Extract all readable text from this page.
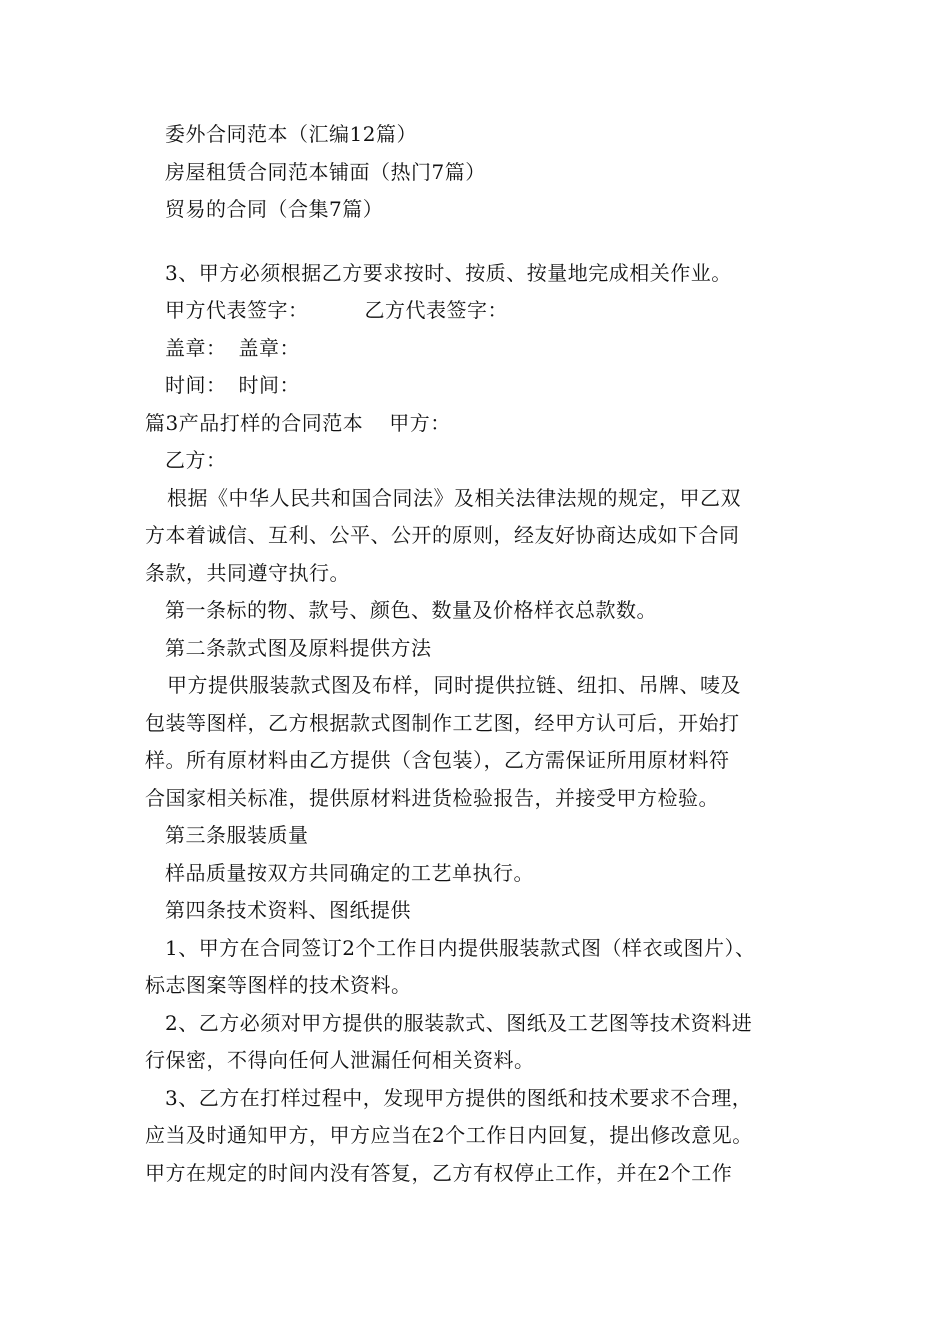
委外合同范本（汇编12篇）
房屋租赁合同范本铺面（热门7篇）
贸易的合同（合集7篇）
3、甲方必须根据乙方要求按时、按质、按量地完成相关作业。
甲方代表签字：	乙方代表签字：
盖章： 盖章：
时间： 时间：
篇3产品打样的合同范本 甲方：
乙方：
根据《中华人民共和国合同法》及相关法律法规的规定，甲乙双
方本着诚信、互利、公平、公开的原则，经友好协商达成如下合同
条款，共同遵守执行。
第一条标的物、款号、颜色、数量及价格样衣总款数。
第二条款式图及原料提供方法
甲方提供服装款式图及布样，同时提供拉链、纽扣、吊牌、唛及
包装等图样，乙方根据款式图制作工艺图，经甲方认可后，开始打
样。所有原材料由乙方提供（含包装），乙方需保证所用原材料符
合国家相关标准，提供原材料进货检验报告，并接受甲方检验。
第三条服装质量
样品质量按双方共同确定的工艺单执行。
第四条技术资料、图纸提供
1、甲方在合同签订2个工作日内提供服装款式图（样衣或图片）、
标志图案等图样的技术资料。
2、乙方必须对甲方提供的服装款式、图纸及工艺图等技术资料进
行保密，不得向任何人泄漏任何相关资料。
3、乙方在打样过程中，发现甲方提供的图纸和技术要求不合理，
应当及时通知甲方，甲方应当在2个工作日内回复，提出修改意见。
甲方在规定的时间内没有答复，乙方有权停止工作，并在2个工作
